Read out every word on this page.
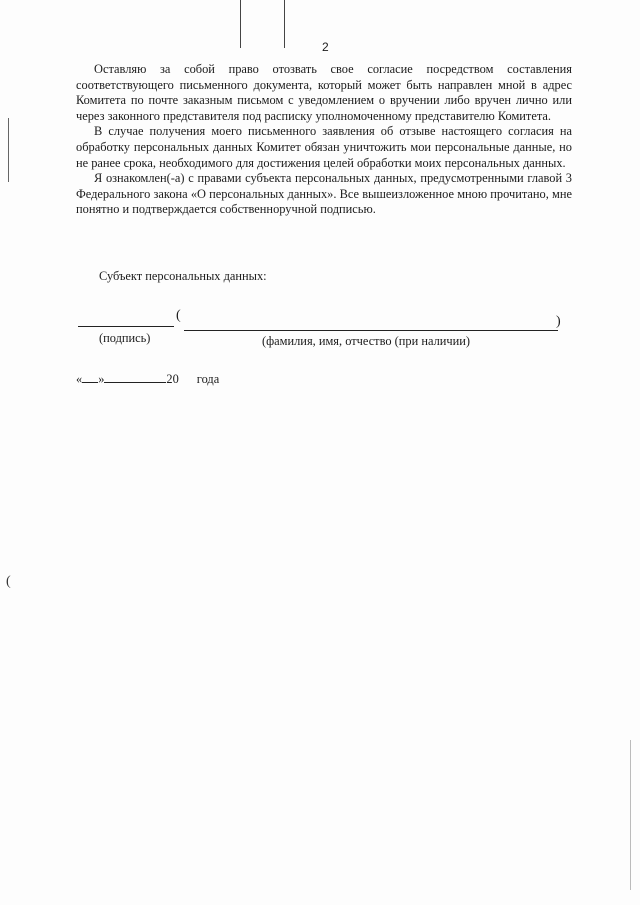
2

Оставляю за собой право отозвать свое согласие посредством составления соответствующего письменного документа, который может быть направлен мной в адрес Комитета по почте заказным письмом с уведомлением о вручении либо вручен лично или через законного представителя под расписку уполномоченному представителю Комитета.

В случае получения моего письменного заявления об отзыве настоящего согласия на обработку персональных данных Комитет обязан уничтожить мои персональные данные, но не ранее срока, необходимого для достижения целей обработки моих персональных данных.

Я ознакомлен(-а) с правами субъекта персональных данных, предусмотренными главой 3 Федерального закона «О персональных данных». Все вышеизложенное мною прочитано, мне понятно и подтверждается собственноручной подписью.

Субъект персональных данных:
(	)
(подпись)	(фамилия, имя, отчество (при наличии)
« »	20 года
(
